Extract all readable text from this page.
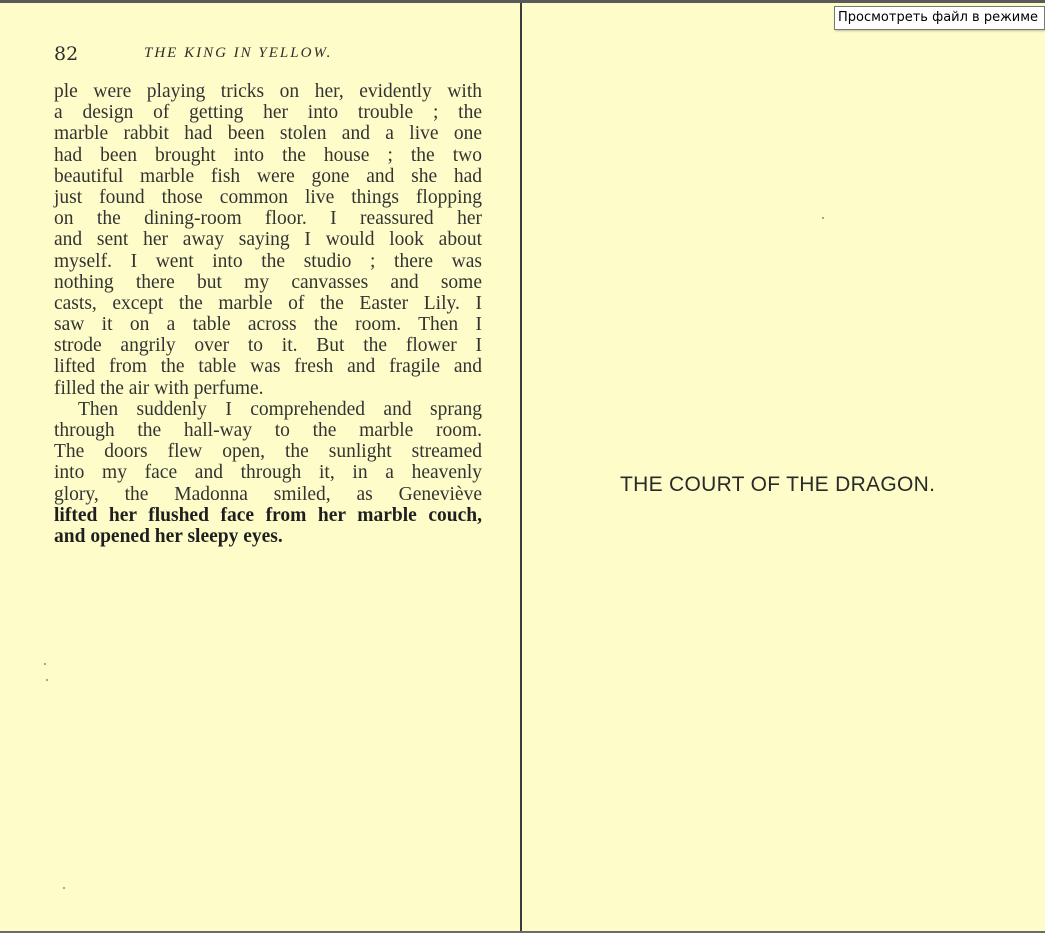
82	THE KING IN YELLOW.
ple were playing tricks on her, evidently with
a design of getting her into trouble ; the
marble rabbit had been stolen and a live one
had been brought into the house ; the two
beautiful marble fish were gone and she had
just found those common live things flopping
on the dining-room floor. I reassured her
and sent her away saying I would look about
myself. I went into the studio ; there was
nothing there but my canvasses and some
casts, except the marble of the Easter Lily. I
saw it on a table across the room. Then I
strode angrily over to it. But the flower I
lifted from the table was fresh and fragile and
filled the air with perfume.
Then suddenly I comprehended and sprang
through the hall-way to the marble room.
The doors flew open, the sunlight streamed
into my face and through it, in a heavenly
glory, the Madonna smiled, as Geneviève
lifted her flushed face from her marble couch,
and opened her sleepy eyes.
THE COURT OF THE DRAGON.
Просмотреть файл в режиме
